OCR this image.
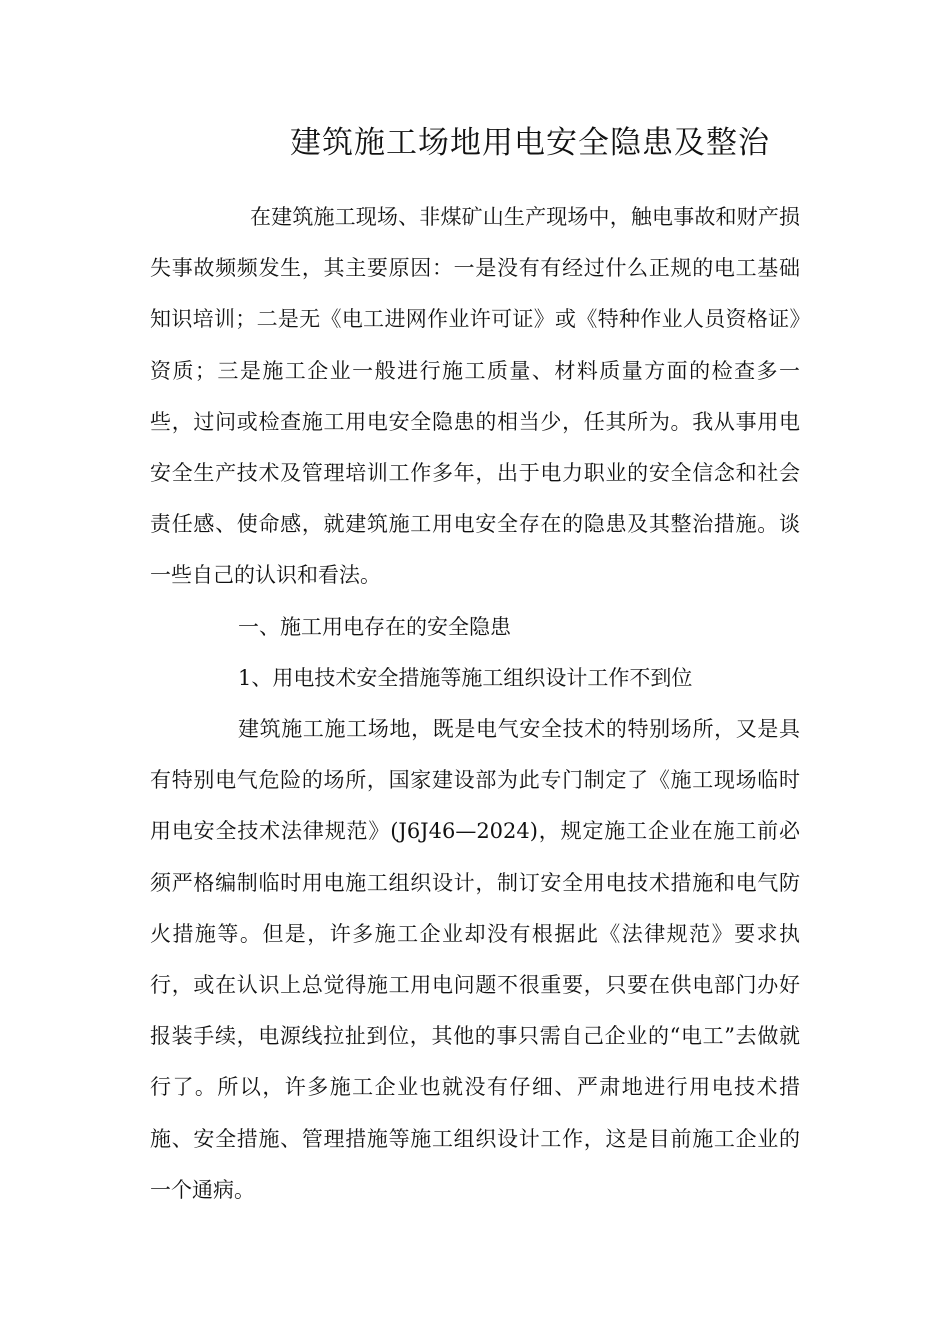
建筑施工场地用电安全隐患及整治

在建筑施工现场、非煤矿山生产现场中，触电事故和财产损失事故频频发生，其主要原因：一是没有有经过什么正规的电工基础知识培训；二是无《电工进网作业许可证》或《特种作业人员资格证》资质；三是施工企业一般进行施工质量、材料质量方面的检查多一些，过问或检查施工用电安全隐患的相当少，任其所为。我从事用电安全生产技术及管理培训工作多年，出于电力职业的安全信念和社会责任感、使命感，就建筑施工用电安全存在的隐患及其整治措施。谈一些自己的认识和看法。

一、施工用电存在的安全隐患

1、用电技术安全措施等施工组织设计工作不到位

建筑施工施工场地，既是电气安全技术的特别场所，又是具有特别电气危险的场所，国家建设部为此专门制定了《施工现场临时用电安全技术法律规范》(J6J46—2024)，规定施工企业在施工前必须严格编制临时用电施工组织设计，制订安全用电技术措施和电气防火措施等。但是，许多施工企业却没有根据此《法律规范》要求执行，或在认识上总觉得施工用电问题不很重要，只要在供电部门办好报装手续，电源线拉扯到位，其他的事只需自己企业的“电工”去做就行了。所以，许多施工企业也就没有仔细、严肃地进行用电技术措施、安全措施、管理措施等施工组织设计工作，这是目前施工企业的一个通病。
